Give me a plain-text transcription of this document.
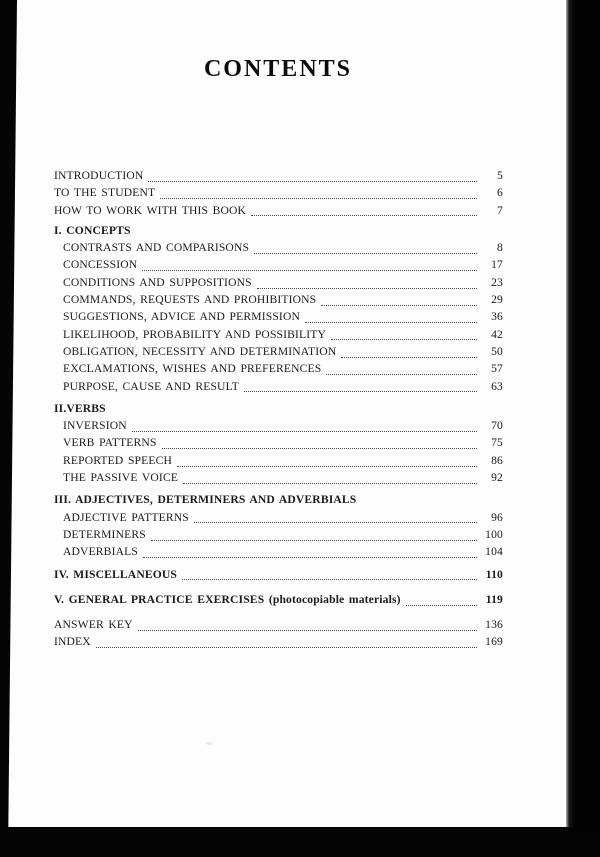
CONTENTS
INTRODUCTION	5
TO THE STUDENT	6
HOW TO WORK WITH THIS BOOK	7
I. CONCEPTS
CONTRASTS AND COMPARISONS	8
CONCESSION	17
CONDITIONS AND SUPPOSITIONS	23
COMMANDS, REQUESTS AND PROHIBITIONS	29
SUGGESTIONS, ADVICE AND PERMISSION	36
LIKELIHOOD, PROBABILITY AND POSSIBILITY	42
OBLIGATION, NECESSITY AND DETERMINATION	50
EXCLAMATIONS, WISHES AND PREFERENCES	57
PURPOSE, CAUSE AND RESULT	63
II.VERBS
INVERSION	70
VERB PATTERNS	75
REPORTED SPEECH	86
THE PASSIVE VOICE	92
III. ADJECTIVES, DETERMINERS AND ADVERBIALS
ADJECTIVE PATTERNS	96
DETERMINERS	100
ADVERBIALS	104
IV. MISCELLANEOUS	110
V. GENERAL PRACTICE EXERCISES (photocopiable materials)	119
ANSWER KEY	136
INDEX	169
